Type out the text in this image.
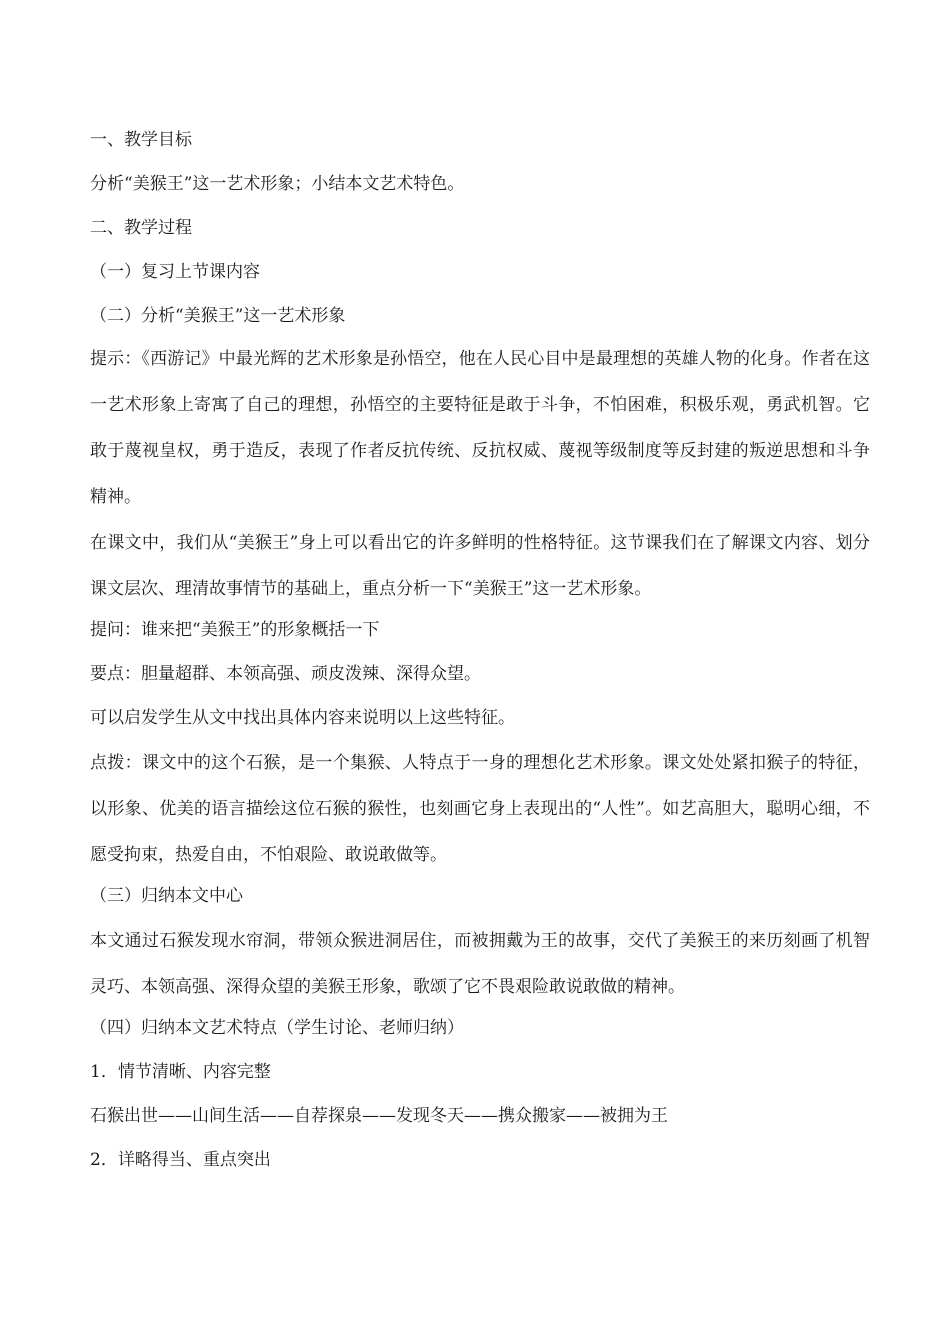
一、教学目标

分析“美猴王”这一艺术形象；小结本文艺术特色。

二、教学过程

（一）复习上节课内容

（二）分析“美猴王”这一艺术形象

提示：《西游记》中最光辉的艺术形象是孙悟空，他在人民心目中是最理想的英雄人物的化身。作者在这一艺术形象上寄寓了自己的理想，孙悟空的主要特征是敢于斗争，不怕困难，积极乐观，勇武机智。它敢于蔑视皇权，勇于造反，表现了作者反抗传统、反抗权威、蔑视等级制度等反封建的叛逆思想和斗争精神。

在课文中，我们从“美猴王”身上可以看出它的许多鲜明的性格特征。这节课我们在了解课文内容、划分课文层次、理清故事情节的基础上，重点分析一下“美猴王”这一艺术形象。

提问：谁来把“美猴王”的形象概括一下

要点：胆量超群、本领高强、顽皮泼辣、深得众望。

可以启发学生从文中找出具体内容来说明以上这些特征。

点拨：课文中的这个石猴，是一个集猴、人特点于一身的理想化艺术形象。课文处处紧扣猴子的特征，以形象、优美的语言描绘这位石猴的猴性，也刻画它身上表现出的“人性”。如艺高胆大，聪明心细，不愿受拘束，热爱自由，不怕艰险、敢说敢做等。

（三）归纳本文中心

本文通过石猴发现水帘洞，带领众猴进洞居住，而被拥戴为王的故事，交代了美猴王的来历刻画了机智灵巧、本领高强、深得众望的美猴王形象，歌颂了它不畏艰险敢说敢做的精神。

（四）归纳本文艺术特点（学生讨论、老师归纳）

1．情节清晰、内容完整

石猴出世——山间生活——自荐探泉——发现冬天——携众搬家——被拥为王

2．详略得当、重点突出
